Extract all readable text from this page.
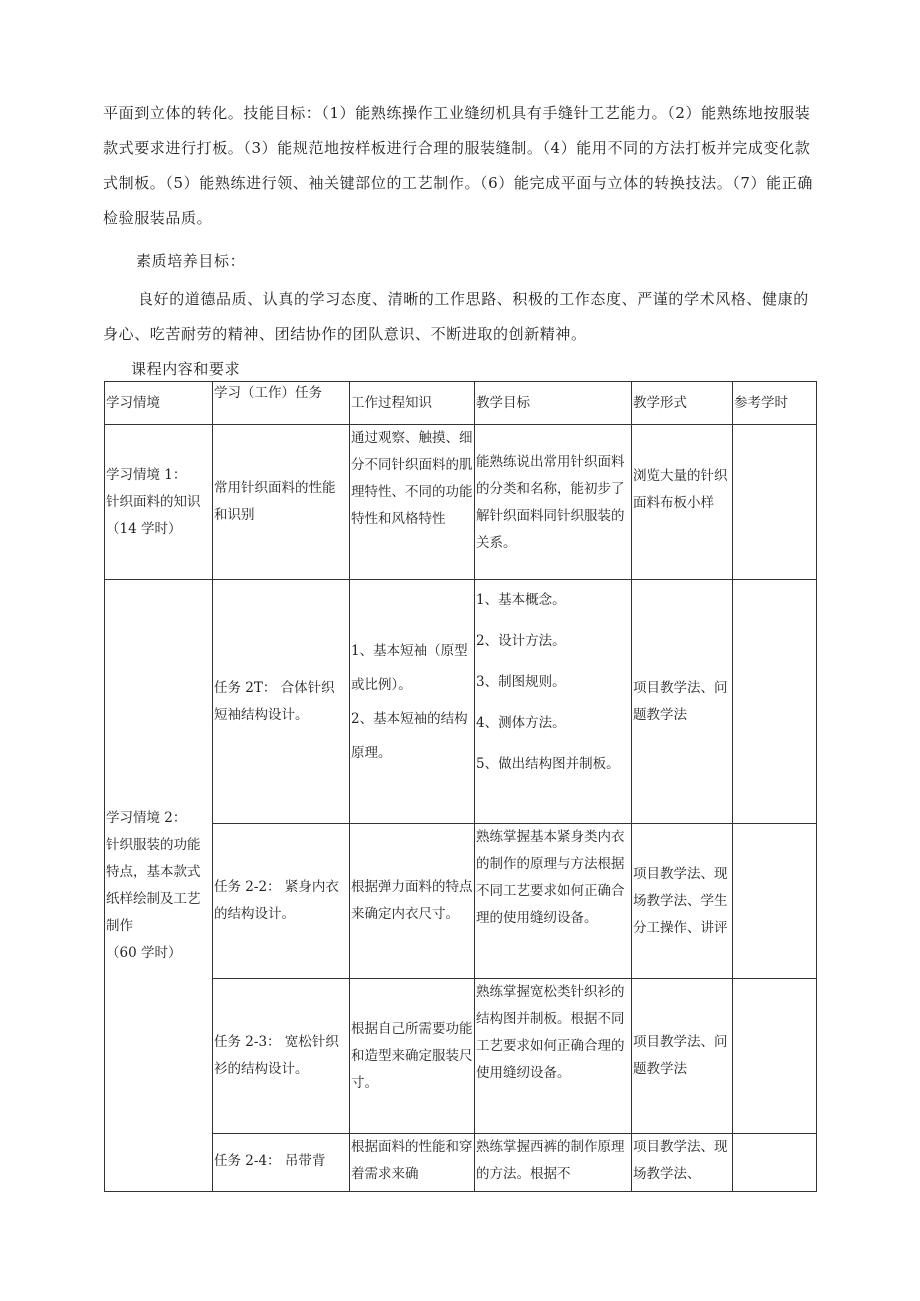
平面到立体的转化。技能目标：（1）能熟练操作工业缝纫机具有手缝针工艺能力。（2）能熟练地按服装款式要求进行打板。（3）能规范地按样板进行合理的服装缝制。（4）能用不同的方法打板并完成变化款式制板。（5）能熟练进行领、袖关键部位的工艺制作。（6）能完成平面与立体的转换技法。（7）能正确检验服装品质。
素质培养目标：
良好的道德品质、认真的学习态度、清晰的工作思路、积极的工作态度、严谨的学术风格、健康的身心、吃苦耐劳的精神、团结协作的团队意识、不断进取的创新精神。
课程内容和要求
学习情境	学习（工作）任务	工作过程知识	教学目标	教学形式	参考学时

学习情境 1：
针织面料的知识
（14 学时）	常用针织面料的性能和识别	通过观察、触摸、细分不同针织面料的肌理特性、不同的功能特性和风格特性	能熟练说出常用针织面料的分类和名称，能初步了解针织面料同针织服装的关系。	浏览大量的针织面料布板小样	

学习情境 2：
针织服装的功能特点，基本款式纸样绘制及工艺制作
（60 学时）	任务 2T： 合体针织短袖结构设计。	1、基本短袖（原型或比例）。
2、基本短袖的结构原理。	1、基本概念。
2、设计方法。
3、制图规则。
4、测体方法。
5、做出结构图并制板。	项目教学法、问题教学法	

	任务 2-2： 紧身内衣的结构设计。	根据弹力面料的特点来确定内衣尺寸。	熟练掌握基本紧身类内衣的制作的原理与方法根据不同工艺要求如何正确合理的使用缝纫设备。	项目教学法、现场教学法、学生分工操作、讲评	

	任务 2-3： 宽松针织衫的结构设计。	根据自己所需要功能和造型来确定服装尺寸。	熟练掌握宽松类针织衫的结构图并制板。根据不同工艺要求如何正确合理的使用缝纫设备。	项目教学法、问题教学法	

	任务 2-4： 吊带背	根据面料的性能和穿着需求来确	熟练掌握西裤的制作原理的方法。根据不	项目教学法、现场教学法、	
